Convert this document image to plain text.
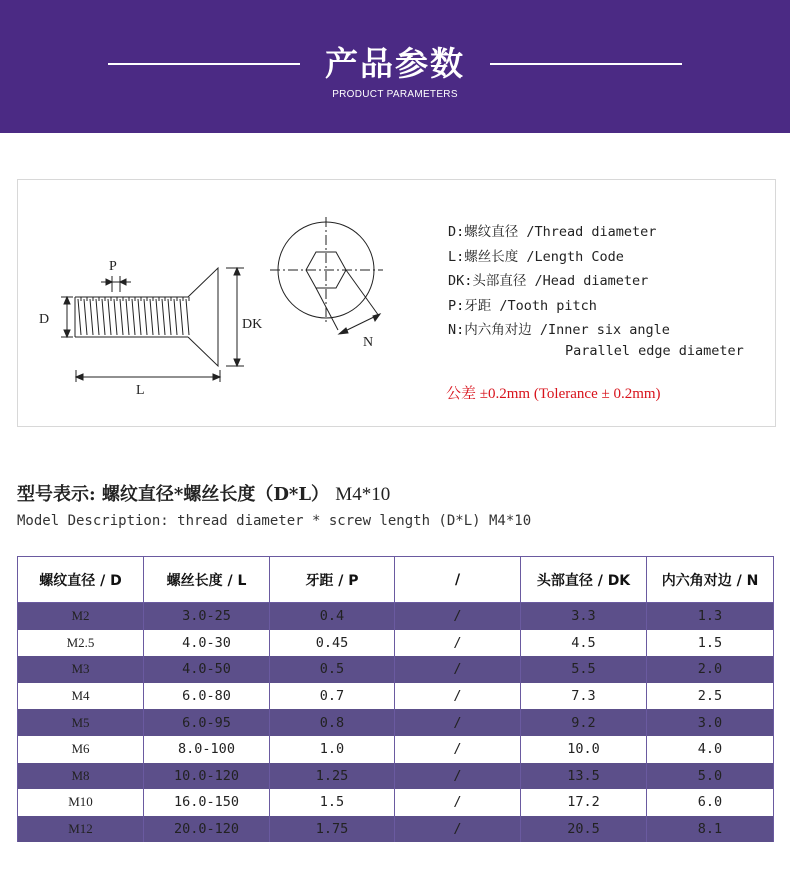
产品参数
PRODUCT PARAMETERS
P
D	DK
L
N
D:螺纹直径 /Thread diameter
L:螺丝长度 /Length Code
DK:头部直径 /Head diameter
P:牙距 /Tooth pitch
N:内六角对边 /Inner six angle
Parallel edge diameter
公差 ±0.2mm (Tolerance ± 0.2mm)
型号表示: 螺纹直径*螺丝长度（D*L） M4*10
Model Description: thread diameter * screw length (D*L) M4*10
螺纹直径 / D	螺丝长度 / L	牙距 / P	/	头部直径 / DK	内六角对边 / N
M2	3.0-25	0.4	/	3.3	1.3
M2.5	4.0-30	0.45	/	4.5	1.5
M3	4.0-50	0.5	/	5.5	2.0
M4	6.0-80	0.7	/	7.3	2.5
M5	6.0-95	0.8	/	9.2	3.0
M6	8.0-100	1.0	/	10.0	4.0
M8	10.0-120	1.25	/	13.5	5.0
M10	16.0-150	1.5	/	17.2	6.0
M12	20.0-120	1.75	/	20.5	8.1
